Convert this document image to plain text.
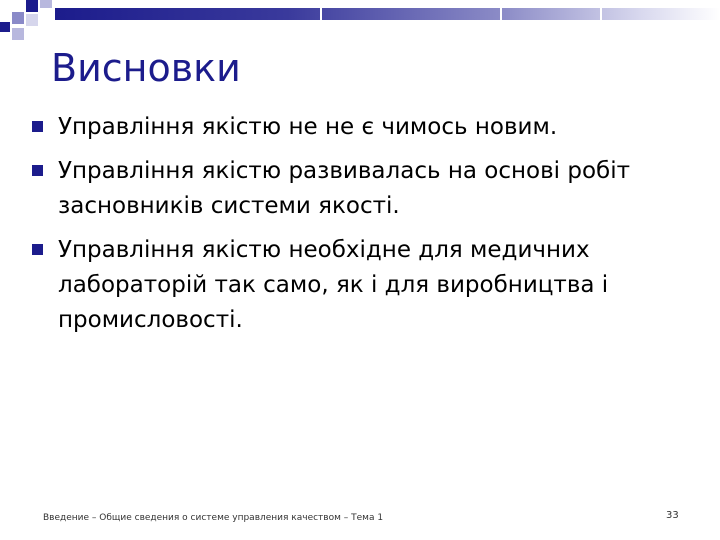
Висновки
Управління якістю не не є чимось новим.
Управління якістю развивалась на основі робіт засновників системи якості.
Управління якістю необхідне для медичних лабораторій так само, як і для виробництва і промисловості.
Введение – Общие сведения о системе управления качеством – Тема 1	33
